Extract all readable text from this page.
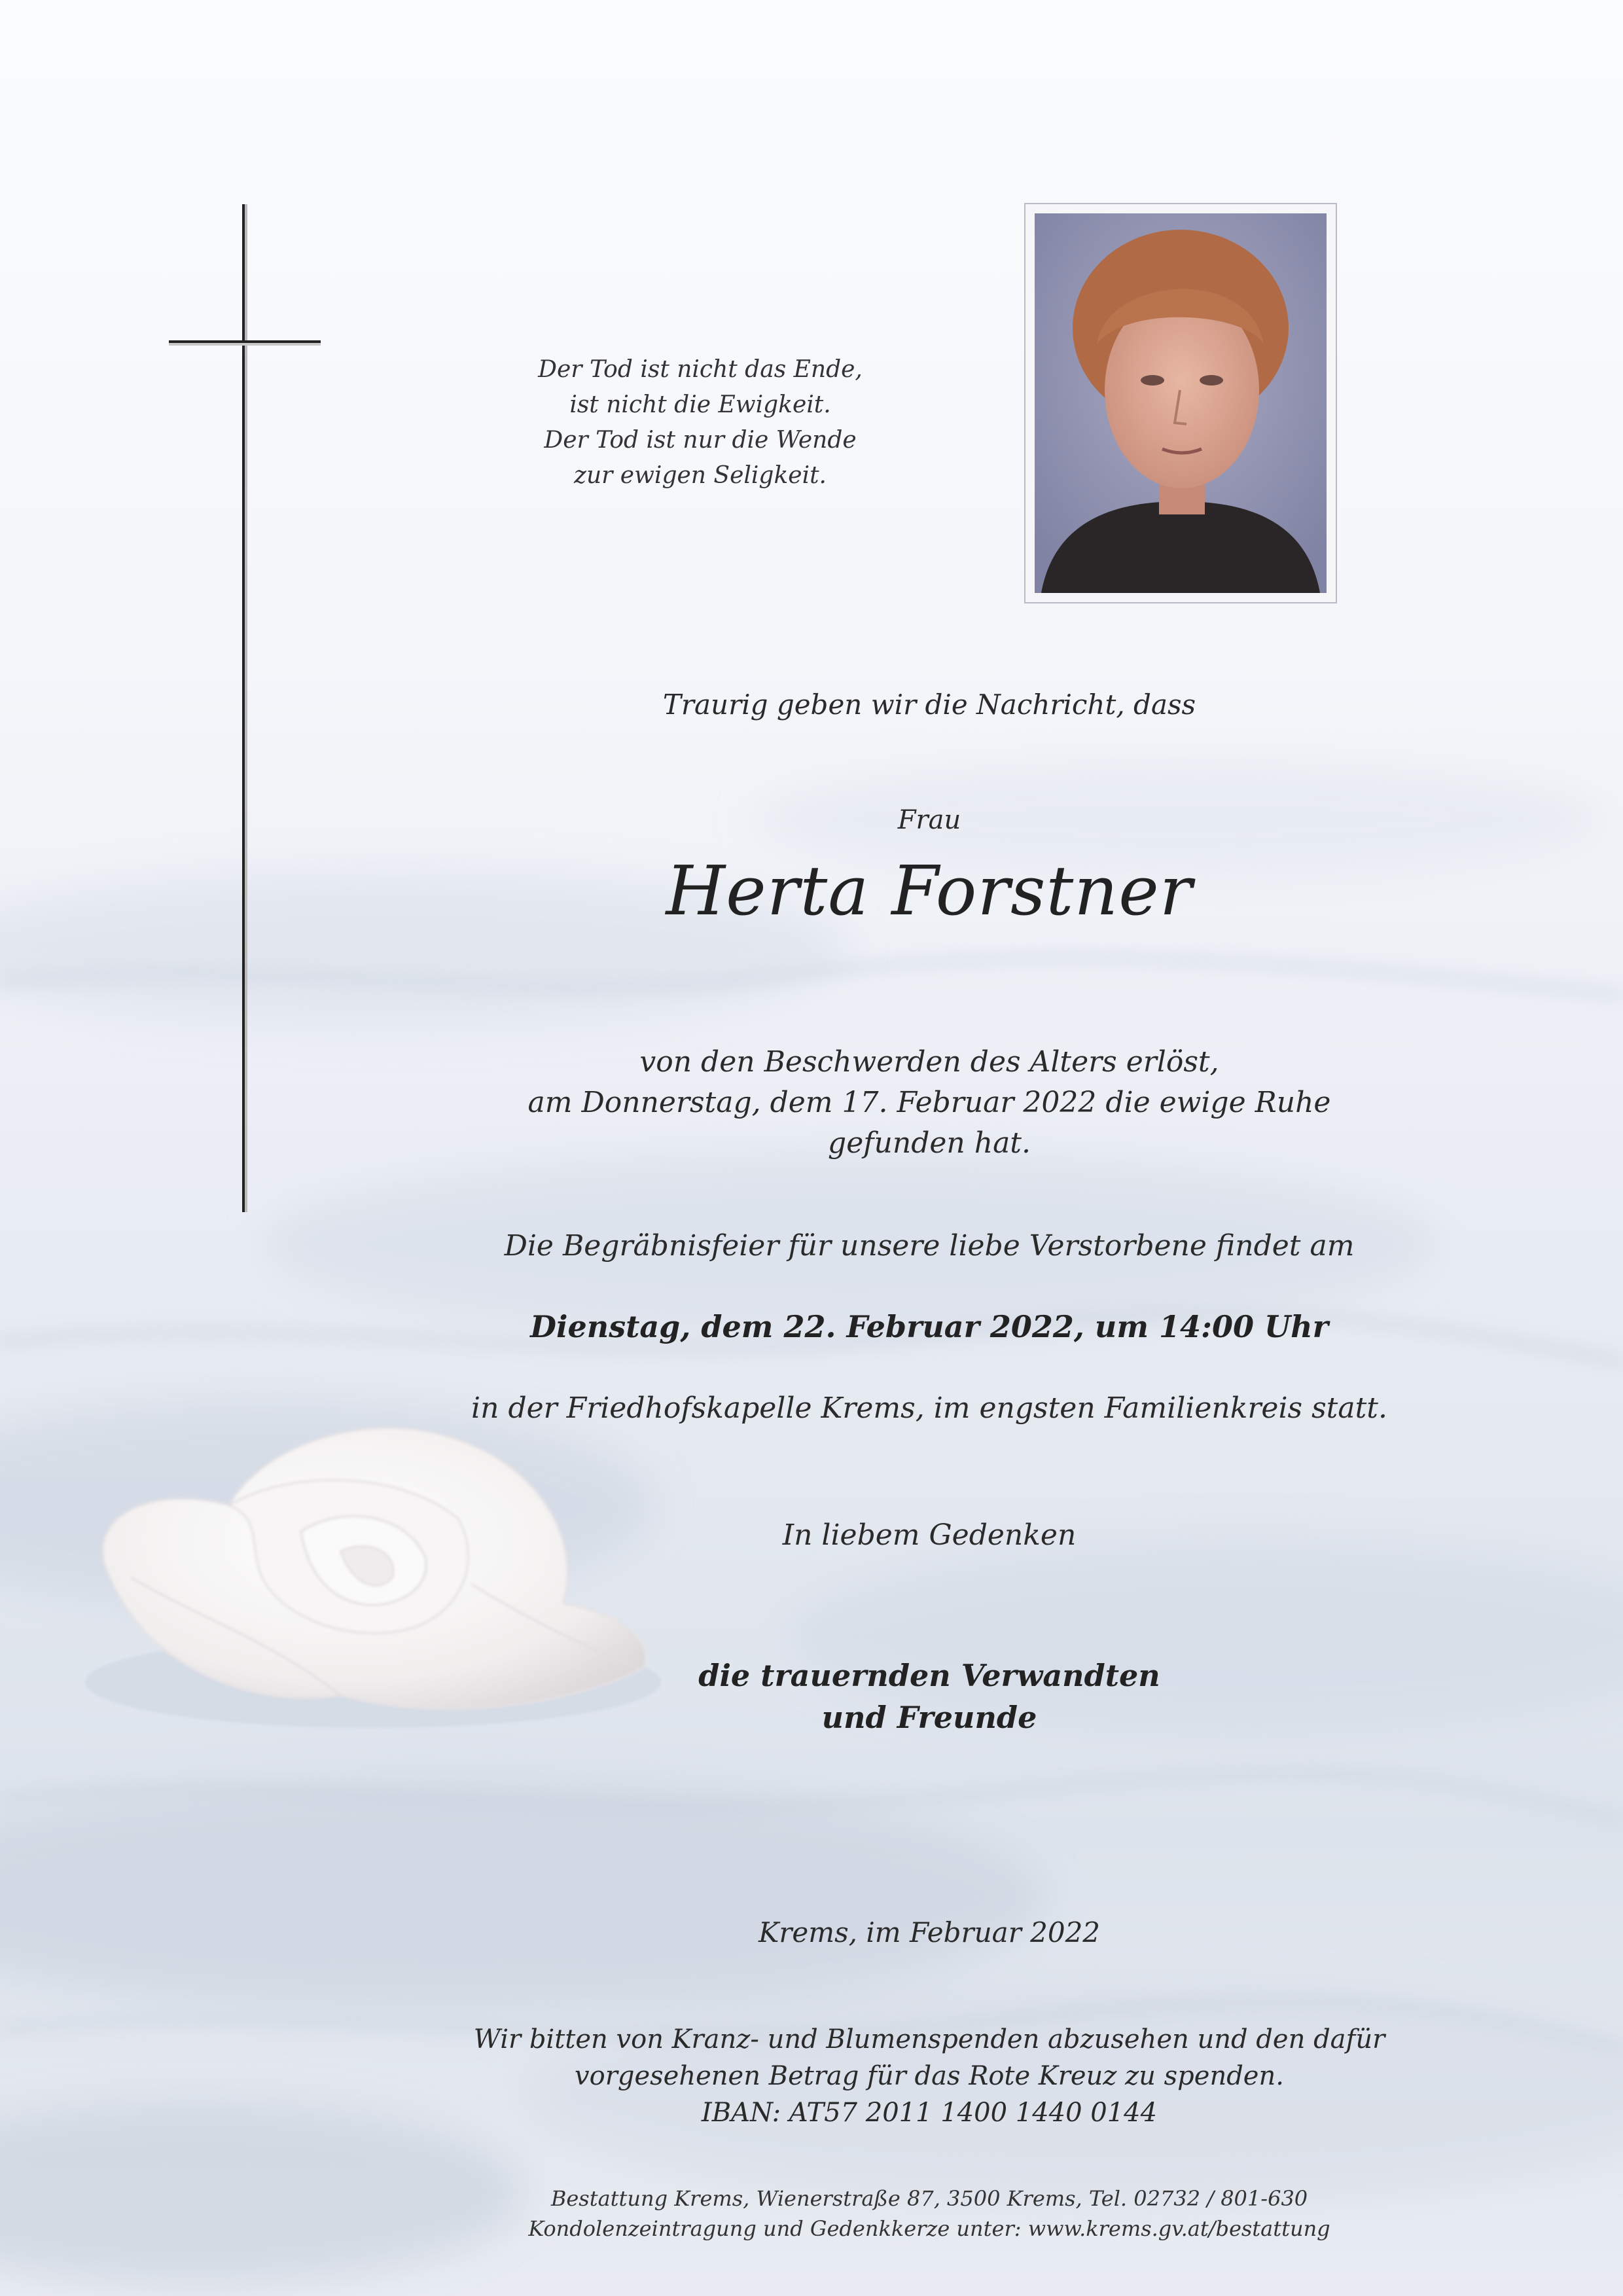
Der Tod ist nicht das Ende,
ist nicht die Ewigkeit.
Der Tod ist nur die Wende
zur ewigen Seligkeit.
Traurig geben wir die Nachricht, dass
Frau
Herta Forstner
von den Beschwerden des Alters erlöst,
am Donnerstag, dem 17. Februar 2022 die ewige Ruhe
gefunden hat.
Die Begräbnisfeier für unsere liebe Verstorbene findet am
Dienstag, dem 22. Februar 2022, um 14:00 Uhr
in der Friedhofskapelle Krems, im engsten Familienkreis statt.
In liebem Gedenken
die trauernden Verwandten
und Freunde
Krems, im Februar 2022
Wir bitten von Kranz- und Blumenspenden abzusehen und den dafür
vorgesehenen Betrag für das Rote Kreuz zu spenden.
IBAN: AT57 2011 1400 1440 0144
Bestattung Krems, Wienerstraße 87, 3500 Krems, Tel. 02732 / 801-630
Kondolenzeintragung und Gedenkkerze unter: www.krems.gv.at/bestattung
